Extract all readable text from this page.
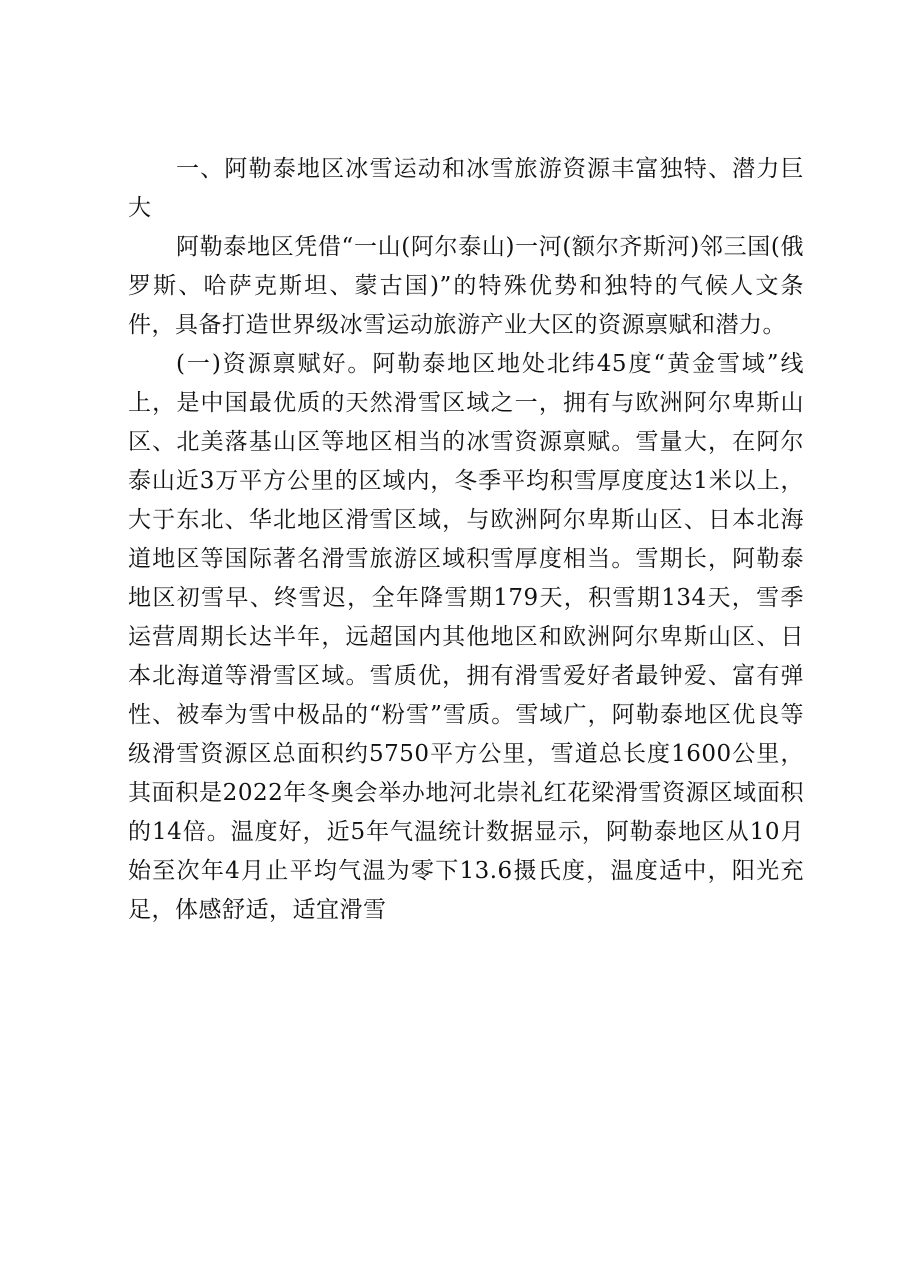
一、阿勒泰地区冰雪运动和冰雪旅游资源丰富独特、潜力巨大

阿勒泰地区凭借“一山(阿尔泰山)一河(额尔齐斯河)邻三国(俄罗斯、哈萨克斯坦、蒙古国)”的特殊优势和独特的气候人文条件，具备打造世界级冰雪运动旅游产业大区的资源禀赋和潜力。

(一)资源禀赋好。阿勒泰地区地处北纬45度“黄金雪域”线上，是中国最优质的天然滑雪区域之一，拥有与欧洲阿尔卑斯山区、北美落基山区等地区相当的冰雪资源禀赋。雪量大，在阿尔泰山近3万平方公里的区域内，冬季平均积雪厚度度达1米以上，大于东北、华北地区滑雪区域，与欧洲阿尔卑斯山区、日本北海道地区等国际著名滑雪旅游区域积雪厚度相当。雪期长，阿勒泰地区初雪早、终雪迟，全年降雪期179天，积雪期134天，雪季运营周期长达半年，远超国内其他地区和欧洲阿尔卑斯山区、日本北海道等滑雪区域。雪质优，拥有滑雪爱好者最钟爱、富有弹性、被奉为雪中极品的“粉雪”雪质。雪域广，阿勒泰地区优良等级滑雪资源区总面积约5750平方公里，雪道总长度1600公里，其面积是2022年冬奥会举办地河北崇礼红花梁滑雪资源区域面积的14倍。温度好，近5年气温统计数据显示，阿勒泰地区从10月始至次年4月止平均气温为零下13.6摄氏度，温度适中，阳光充足，体感舒适，适宜滑雪
